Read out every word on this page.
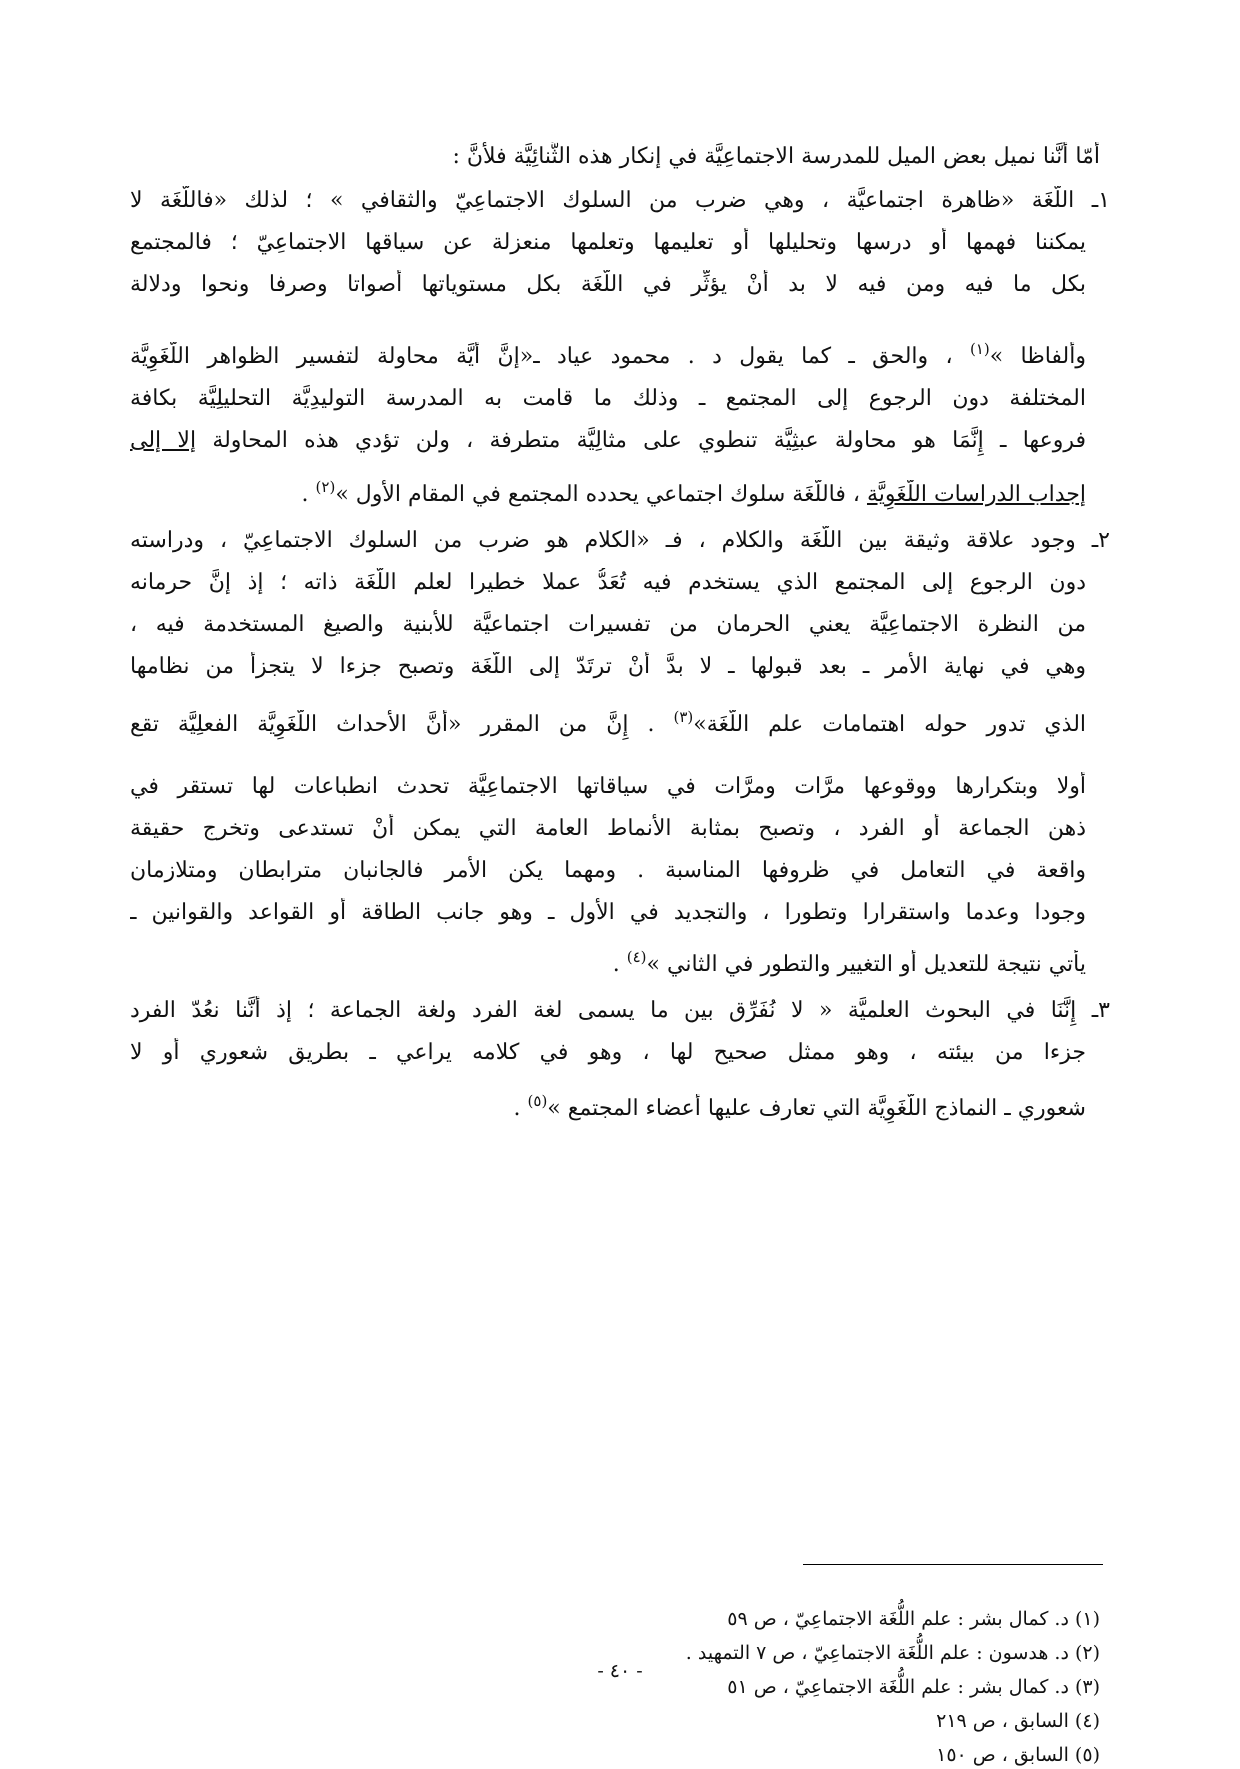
أمّا أَنَّنا نميل بعض الميل للمدرسة الاجتماعِيَّة في إنكار هذه الثُّنائِيَّة فلأنَّ :

١ـ اللُّغَة «ظاهرة اجتماعيَّة ، وهي ضرب من السلوك الاجتماعِيّ والثقافي » ؛ لذلك «فاللُّغَة لا

يمكننا فهمها أو درسها وتحليلها أو تعليمها وتعلمها منعزلة عن سياقها الاجتماعِيّ ؛ فالمجتمع

بكل ما فيه ومن فيه لا بد أَنْ يؤثِّر في اللُّغَة بكل مستوياتها أصواتا وصرفا ونحوا ودلالة

وألفاظا »$^{(١)}$ ، والحق ـ كما يقول د . محمود عياد ـ«إنَّ أَيَّة محاولة لتفسير الظواهر اللُّغَوِيَّة

المختلفة دون الرجوع إلى المجتمع ـ وذلك ما قامت به المدرسة التوليدِيَّة التحليلِيَّة بكافة

فروعها ـ إِنَّمَا هو محاولة عبثِيَّة تنطوي على مثالِيَّة متطرفة ، ولن تؤدي هذه المحاولة إلا إلى

إجداب الدراسات اللُّغَوِيَّة ، فاللُّغَة سلوك اجتماعي يحدده المجتمع في المقام الأول »$^{(٢)}$ .

٢ـ وجود علاقة وثيقة بين اللُّغَة والكلام ، فـ «الكلام هو ضرب من السلوك الاجتماعِيّ ، ودراسته

دون الرجوع إلى المجتمع الذي يستخدم فيه تُعَدُّ عملا خطيرا لعلم اللُّغَة ذاته ؛ إذ إنَّ حرمانه

من النظرة الاجتماعِيَّة يعني الحرمان من تفسيرات اجتماعيَّة للأبنية والصيغ المستخدمة فيه ،

وهي في نهاية الأمر ـ بعد قبولها ـ لا بدَّ أَنْ ترتَدّ إلى اللُّغَة وتصبح جزءا لا يتجزأ من نظامها

الذي تدور حوله اهتمامات علم اللُّغَة»$^{(٣)}$ . إِنَّ من المقرر «أَنَّ الأحداث اللُّغَوِيَّة الفعلِيَّة تقع

أولا وبتكرارها ووقوعها مرَّات ومرَّات في سياقاتها الاجتماعِيَّة تحدث انطباعات لها تستقر في

ذهن الجماعة أو الفرد ، وتصبح بمثابة الأنماط العامة التي يمكن أَنْ تستدعى وتخرج حقيقة

واقعة في التعامل في ظروفها المناسبة . ومهما يكن الأمر فالجانبان مترابطان ومتلازمان

وجودا وعدما واستقرارا وتطورا ، والتجديد في الأول ـ وهو جانب الطاقة أو القواعد والقوانين ـ

يأتي نتيجة للتعديل أو التغيير والتطور في الثاني »$^{(٤)}$ .

٣ـ إِنَّنَا في البحوث العلميَّة « لا نُفَرِّق بين ما يسمى لغة الفرد ولغة الجماعة ؛ إذ أَنَّنا نعُدّ الفرد

جزءا من بيئته ، وهو ممثل صحيح لها ، وهو في كلامه يراعي ـ بطريق شعوري أو لا

شعوري ـ النماذج اللُّغَوِيَّة التي تعارف عليها أعضاء المجتمع »$^{(٥)}$ .

(١) د. كمال بشر : علم اللُّغَة الاجتماعِيّ ، ص ٥٩

(٢) د. هدسون : علم اللُّغَة الاجتماعِيّ ، ص ٧ التمهيد .

(٣) د. كمال بشر : علم اللُّغَة الاجتماعِيّ ، ص ٥١

(٤) السابق ، ص ٢١٩

(٥) السابق ، ص ١٥٠

- ٤٠ -
